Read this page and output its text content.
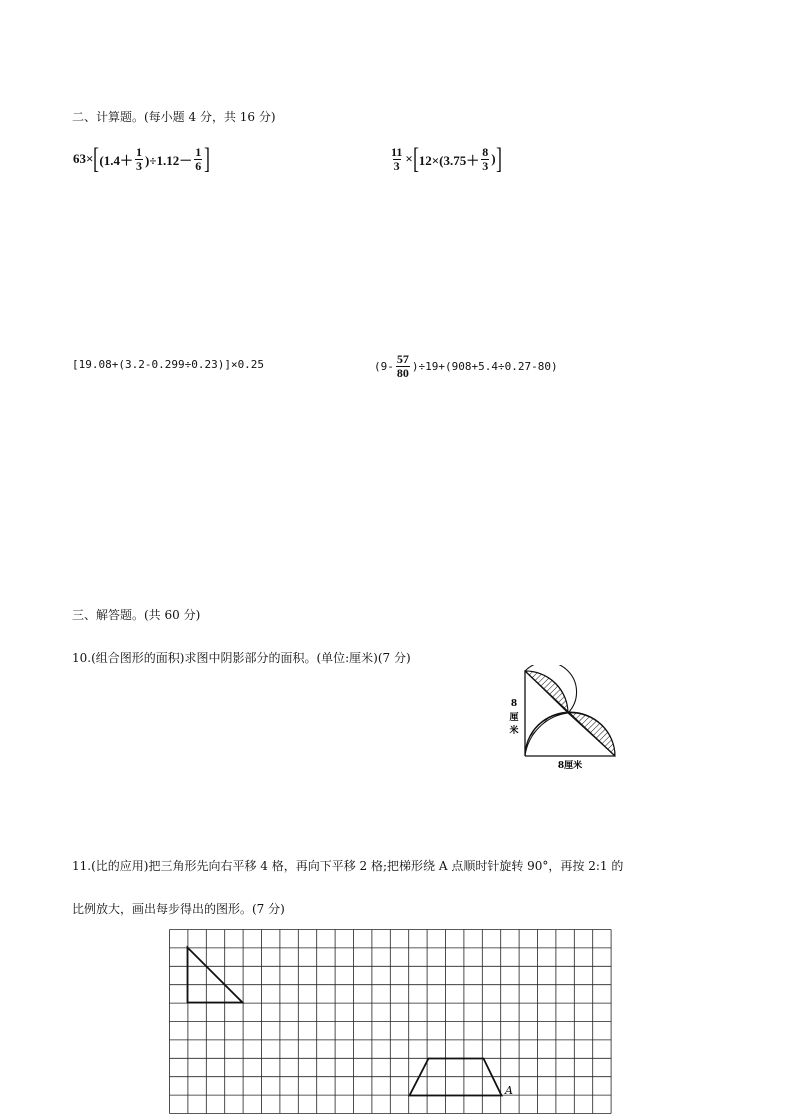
二、计算题。(每小题 4 分，共 16 分)
63× [ $(1.4+ \frac{1}{3} )\div 1.12- \frac{1}{6}$ ]	$\frac{11}{3}$ × [ $12\times(3.75+ \frac{8}{3}$ ) ]
[19.08+(3.2-0.299÷0.23)]×0.25	$(9- \frac{57}{80} )\div 19+(908+5.4\div 0.27-80)$
三、解答题。(共 60 分)
10.(组合图形的面积)求图中阴影部分的面积。(单位:厘米)(7 分)
8
厘
米
8厘米
11.(比的应用)把三角形先向右平移 4 格，再向下平移 2 格;把梯形绕 A 点顺时针旋转 90°，再按 2:1 的
比例放大，画出每步得出的图形。(7 分)
A
